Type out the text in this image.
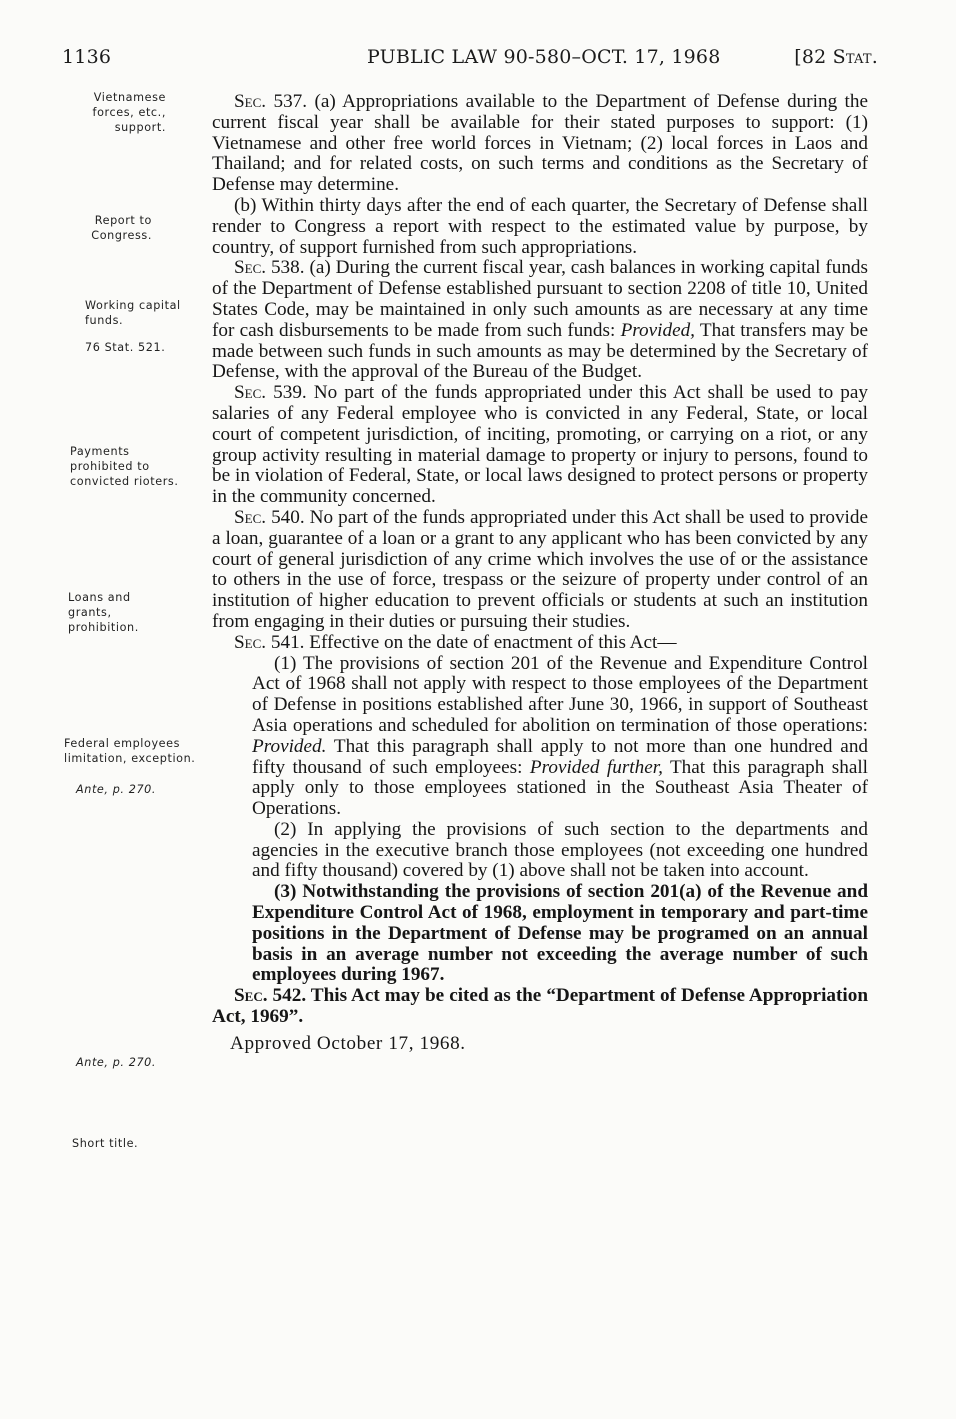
1136	PUBLIC LAW 90-580–OCT. 17, 1968	[82 Stat.
Vietnamese forces, etc., support.
Report to Congress.
Working capital funds.
76 Stat. 521.
Payments prohibited to convicted rioters.
Loans and grants, prohibition.
Federal employees limitation, exception.
Ante, p. 270.
Ante, p. 270.
Short title.

Sec. 537. (a) Appropriations available to the Department of Defense during the current fiscal year shall be available for their stated purposes to support: (1) Vietnamese and other free world forces in Vietnam; (2) local forces in Laos and Thailand; and for related costs, on such terms and conditions as the Secretary of Defense may determine.

(b) Within thirty days after the end of each quarter, the Secretary of Defense shall render to Congress a report with respect to the estimated value by purpose, by country, of support furnished from such appropriations.

Sec. 538. (a) During the current fiscal year, cash balances in working capital funds of the Department of Defense established pursuant to section 2208 of title 10, United States Code, may be maintained in only such amounts as are necessary at any time for cash disbursements to be made from such funds: Provided, That transfers may be made between such funds in such amounts as may be determined by the Secretary of Defense, with the approval of the Bureau of the Budget.

Sec. 539. No part of the funds appropriated under this Act shall be used to pay salaries of any Federal employee who is convicted in any Federal, State, or local court of competent jurisdiction, of inciting, promoting, or carrying on a riot, or any group activity resulting in material damage to property or injury to persons, found to be in violation of Federal, State, or local laws designed to protect persons or property in the community concerned.

Sec. 540. No part of the funds appropriated under this Act shall be used to provide a loan, guarantee of a loan or a grant to any applicant who has been convicted by any court of general jurisdiction of any crime which involves the use of or the assistance to others in the use of force, trespass or the seizure of property under control of an institution of higher education to prevent officials or students at such an institution from engaging in their duties or pursuing their studies.

Sec. 541. Effective on the date of enactment of this Act—

(1) The provisions of section 201 of the Revenue and Expenditure Control Act of 1968 shall not apply with respect to those employees of the Department of Defense in positions established after June 30, 1966, in support of Southeast Asia operations and scheduled for abolition on termination of those operations: Provided. That this paragraph shall apply to not more than one hundred and fifty thousand of such employees: Provided further, That this paragraph shall apply only to those employees stationed in the Southeast Asia Theater of Operations.

(2) In applying the provisions of such section to the departments and agencies in the executive branch those employees (not exceeding one hundred and fifty thousand) covered by (1) above shall not be taken into account.

(3) Notwithstanding the provisions of section 201(a) of the Revenue and Expenditure Control Act of 1968, employment in temporary and part-time positions in the Department of Defense may be programed on an annual basis in an average number not exceeding the average number of such employees during 1967.

Sec. 542. This Act may be cited as the “Department of Defense Appropriation Act, 1969”.

Approved October 17, 1968.
